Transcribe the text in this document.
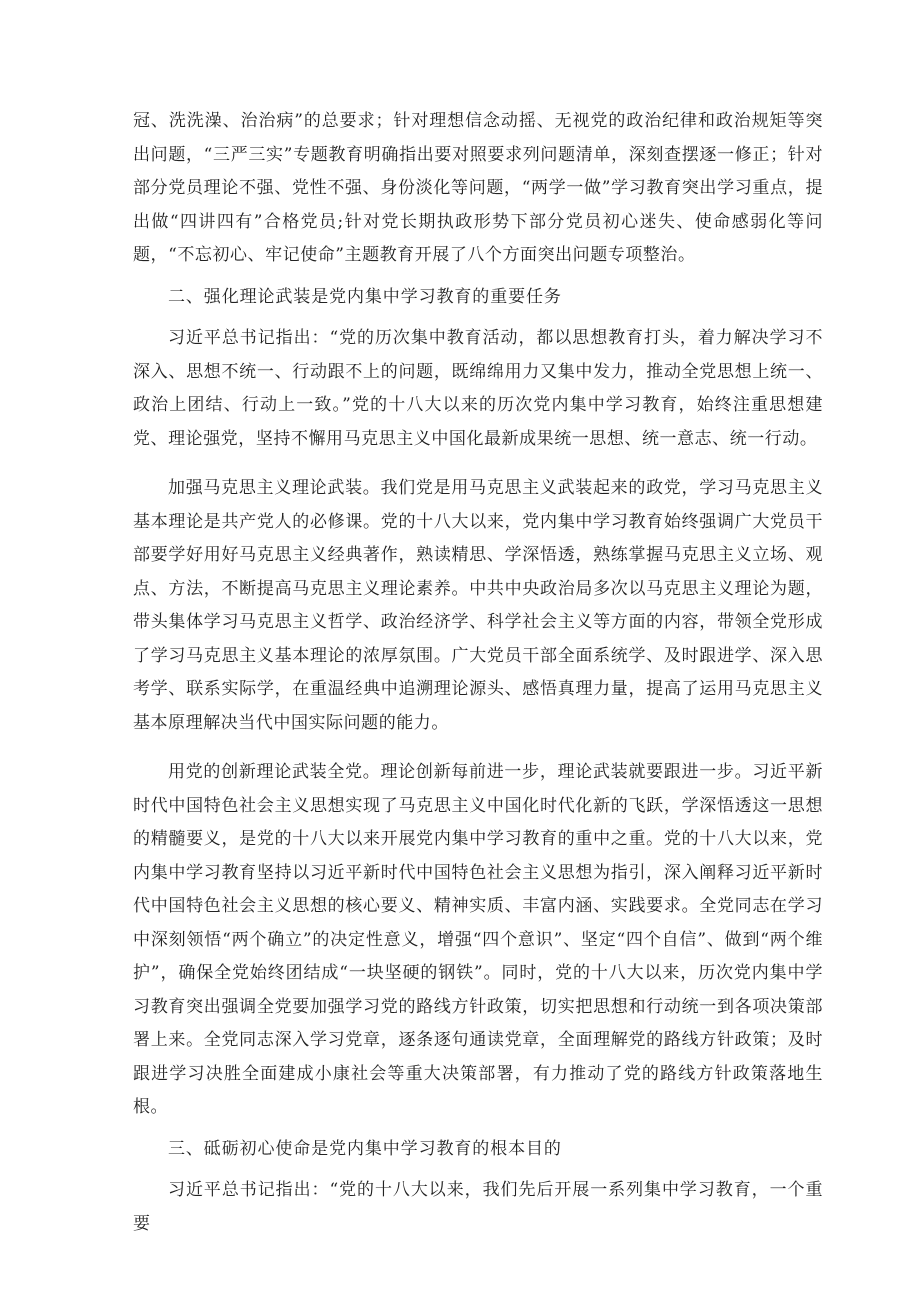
冠、洗洗澡、治治病”的总要求；针对理想信念动摇、无视党的政治纪律和政治规矩等突出问题，“三严三实”专题教育明确指出要对照要求列问题清单，深刻查摆逐一修正；针对部分党员理论不强、党性不强、身份淡化等问题，“两学一做”学习教育突出学习重点，提出做“四讲四有”合格党员;针对党长期执政形势下部分党员初心迷失、使命感弱化等问题，“不忘初心、牢记使命”主题教育开展了八个方面突出问题专项整治。

二、强化理论武装是党内集中学习教育的重要任务

习近平总书记指出：“党的历次集中教育活动，都以思想教育打头，着力解决学习不深入、思想不统一、行动跟不上的问题，既绵绵用力又集中发力，推动全党思想上统一、政治上团结、行动上一致。”党的十八大以来的历次党内集中学习教育，始终注重思想建党、理论强党，坚持不懈用马克思主义中国化最新成果统一思想、统一意志、统一行动。

加强马克思主义理论武装。我们党是用马克思主义武装起来的政党，学习马克思主义基本理论是共产党人的必修课。党的十八大以来，党内集中学习教育始终强调广大党员干部要学好用好马克思主义经典著作，熟读精思、学深悟透，熟练掌握马克思主义立场、观点、方法，不断提高马克思主义理论素养。中共中央政治局多次以马克思主义理论为题，带头集体学习马克思主义哲学、政治经济学、科学社会主义等方面的内容，带领全党形成了学习马克思主义基本理论的浓厚氛围。广大党员干部全面系统学、及时跟进学、深入思考学、联系实际学，在重温经典中追溯理论源头、感悟真理力量，提高了运用马克思主义基本原理解决当代中国实际问题的能力。

用党的创新理论武装全党。理论创新每前进一步，理论武装就要跟进一步。习近平新时代中国特色社会主义思想实现了马克思主义中国化时代化新的飞跃，学深悟透这一思想的精髓要义，是党的十八大以来开展党内集中学习教育的重中之重。党的十八大以来，党内集中学习教育坚持以习近平新时代中国特色社会主义思想为指引，深入阐释习近平新时代中国特色社会主义思想的核心要义、精神实质、丰富内涵、实践要求。全党同志在学习中深刻领悟“两个确立”的决定性意义，增强“四个意识”、坚定“四个自信”、做到“两个维护”，确保全党始终团结成“一块坚硬的钢铁”。同时，党的十八大以来，历次党内集中学习教育突出强调全党要加强学习党的路线方针政策，切实把思想和行动统一到各项决策部署上来。全党同志深入学习党章，逐条逐句通读党章，全面理解党的路线方针政策；及时跟进学习决胜全面建成小康社会等重大决策部署，有力推动了党的路线方针政策落地生根。

三、砥砺初心使命是党内集中学习教育的根本目的

习近平总书记指出：“党的十八大以来，我们先后开展一系列集中学习教育，一个重要
